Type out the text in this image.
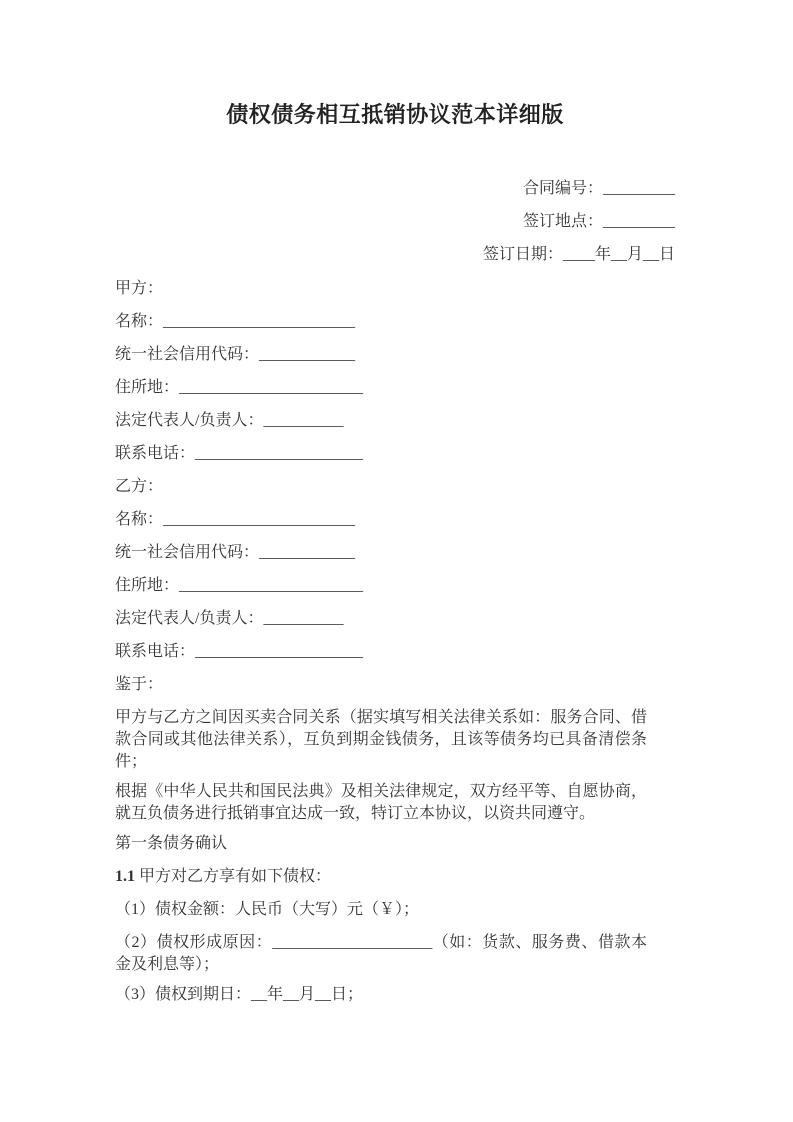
债权债务相互抵销协议范本详细版

合同编号：_________

签订地点：_________

签订日期：____年__月__日

甲方：

名称：________________________

统一社会信用代码：____________

住所地：_______________________

法定代表人/负责人：__________

联系电话：_____________________

乙方：

名称：________________________

统一社会信用代码：____________

住所地：_______________________

法定代表人/负责人：__________

联系电话：_____________________

鉴于：

甲方与乙方之间因买卖合同关系（据实填写相关法律关系如：服务合同、借款合同或其他法律关系），互负到期金钱债务，且该等债务均已具备清偿条件；

根据《中华人民共和国民法典》及相关法律规定，双方经平等、自愿协商，就互负债务进行抵销事宜达成一致，特订立本协议，以资共同遵守。

第一条债务确认

1.1 甲方对乙方享有如下债权：

（1）债权金额：人民币（大写）元（￥）；

（2）债权形成原因：____________________（如：货款、服务费、借款本金及利息等）；

（3）债权到期日：__年__月__日；
